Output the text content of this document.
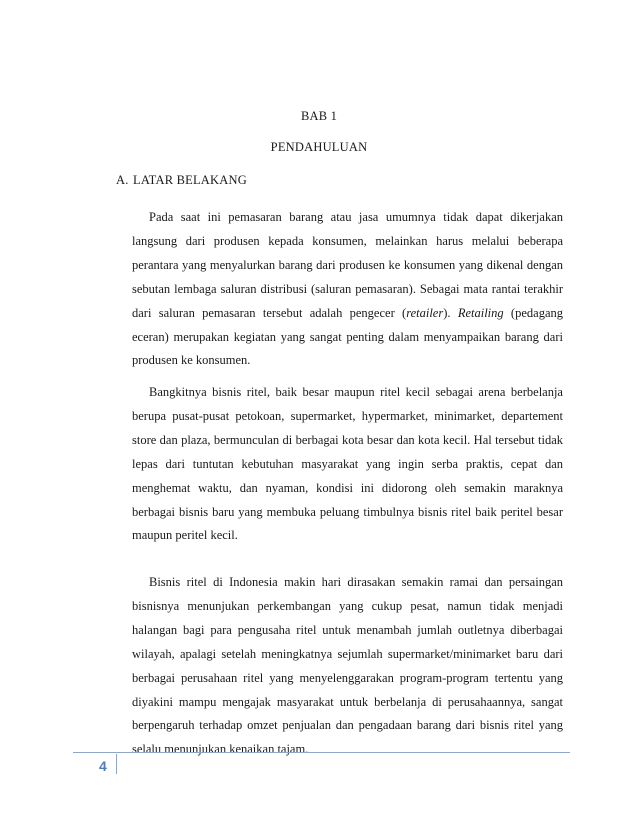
BAB 1
PENDAHULUAN
A. LATAR BELAKANG

Pada saat ini pemasaran barang atau jasa umumnya tidak dapat dikerjakan langsung dari produsen kepada konsumen, melainkan harus melalui beberapa perantara yang menyalurkan barang dari produsen ke konsumen yang dikenal dengan sebutan lembaga saluran distribusi (saluran pemasaran). Sebagai mata rantai terakhir dari saluran pemasaran tersebut adalah pengecer (retailer). Retailing (pedagang eceran) merupakan kegiatan yang sangat penting dalam menyampaikan barang dari produsen ke konsumen.

Bangkitnya bisnis ritel, baik besar maupun ritel kecil sebagai arena berbelanja berupa pusat-pusat petokoan, supermarket, hypermarket, minimarket, departement store dan plaza, bermunculan di berbagai kota besar dan kota kecil. Hal tersebut tidak lepas dari tuntutan kebutuhan masyarakat yang ingin serba praktis, cepat dan menghemat waktu, dan nyaman, kondisi ini didorong oleh semakin maraknya berbagai bisnis baru yang membuka peluang timbulnya bisnis ritel baik peritel besar maupun peritel kecil.

Bisnis ritel di Indonesia makin hari dirasakan semakin ramai dan persaingan bisnisnya menunjukan perkembangan yang cukup pesat, namun tidak menjadi halangan bagi para pengusaha ritel untuk menambah jumlah outletnya diberbagai wilayah, apalagi setelah meningkatnya sejumlah supermarket/minimarket baru dari berbagai perusahaan ritel yang menyelenggarakan program-program tertentu yang diyakini mampu mengajak masyarakat untuk berbelanja di perusahaannya, sangat berpengaruh terhadap omzet penjualan dan pengadaan barang dari bisnis ritel yang selalu menunjukan kenaikan tajam.

4
